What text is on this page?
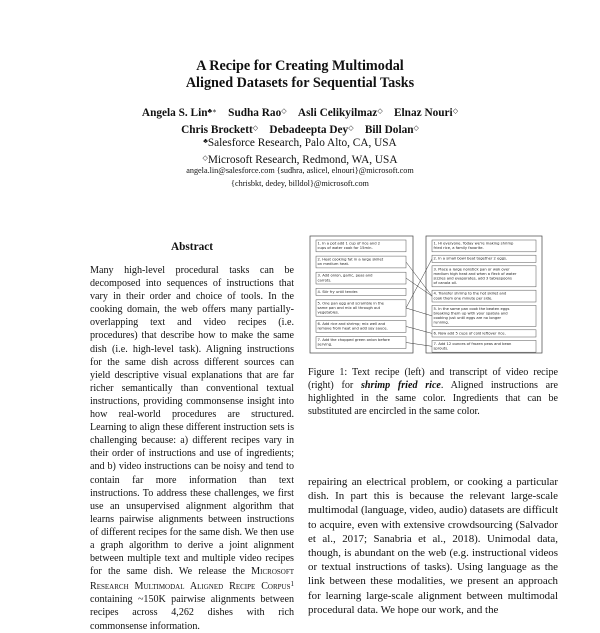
A Recipe for Creating Multimodal
Aligned Datasets for Sequential Tasks
Angela S. Lin♣∗ Sudha Rao◇ Asli Celikyilmaz◇ Elnaz Nouri◇
Chris Brockett◇ Debadeepta Dey◇ Bill Dolan◇
♣Salesforce Research, Palo Alto, CA, USA
◇Microsoft Research, Redmond, WA, USA
angela.lin@salesforce.com {sudhra, aslicel, elnouri}@microsoft.com
{chrisbkt, dedey, billdol}@microsoft.com
Abstract
Many high-level procedural tasks can be decomposed into sequences of instructions that vary in their order and choice of tools. In the cooking domain, the web offers many partially-overlapping text and video recipes (i.e. procedures) that describe how to make the same dish (i.e. high-level task). Aligning instructions for the same dish across different sources can yield descriptive visual explanations that are far richer semantically than conventional textual instructions, providing commonsense insight into how real-world procedures are structured. Learning to align these different instruction sets is challenging because: a) different recipes vary in their order of instructions and use of ingredients; and b) video instructions can be noisy and tend to contain far more information than text instructions. To address these challenges, we first use an unsupervised alignment algorithm that learns pairwise alignments between instructions of different recipes for the same dish. We then use a graph algorithm to derive a joint alignment between multiple text and multiple video recipes for the same dish. We release the Microsoft Research Multimodal Aligned Recipe Corpus$^1$ containing ~150K pairwise alignments between recipes across 4,262 dishes with rich commonsense information.
1. In a pot add 1 cup of rice and 2 cups of water cook for 15min.
2. Heat cooking fat in a large skillet on medium heat.
3. Add onion, garlic, peas and carrots.
4. Stir fry until tender.
5. One pan egg and scramble in the same pan and mix all through out vegetables.
6. Add rice and shrimp; mix well and remove from heat and add soy sauce.
7. Add the chopped green onion before serving.
1. Hi everyone. Today we're making shrimp fried rice, a family favorite.
2. In a small bowl beat together 2 eggs.
3. Place a large nonstick pan or wok over medium high heat and when a fleck of water sizzles and evaporates, add 3 tablespoons of canola oil.
4. Transfer shrimp to the hot skillet and cook them one minute per side.
5. In the same pan cook the beaten eggs breaking them up with your spatula and cooking just until eggs are no longer running.
6. Now add 5 cups of cold leftover rice.
7. Add 12 ounces of frozen peas and bean sprouts.
Figure 1: Text recipe (left) and transcript of video recipe (right) for shrimp fried rice. Aligned instructions are highlighted in the same color. Ingredients that can be substituted are encircled in the same color.
repairing an electrical problem, or cooking a particular dish. In part this is because the relevant large-scale multimodal (language, video, audio) datasets are difficult to acquire, even with extensive crowdsourcing (Salvador et al., 2017; Sanabria et al., 2018). Unimodal data, though, is abundant on the web (e.g. instructional videos or textual instructions of tasks). Using language as the link between these modalities, we present an approach for learning large-scale alignment between multimodal procedural data. We hope our work, and the
